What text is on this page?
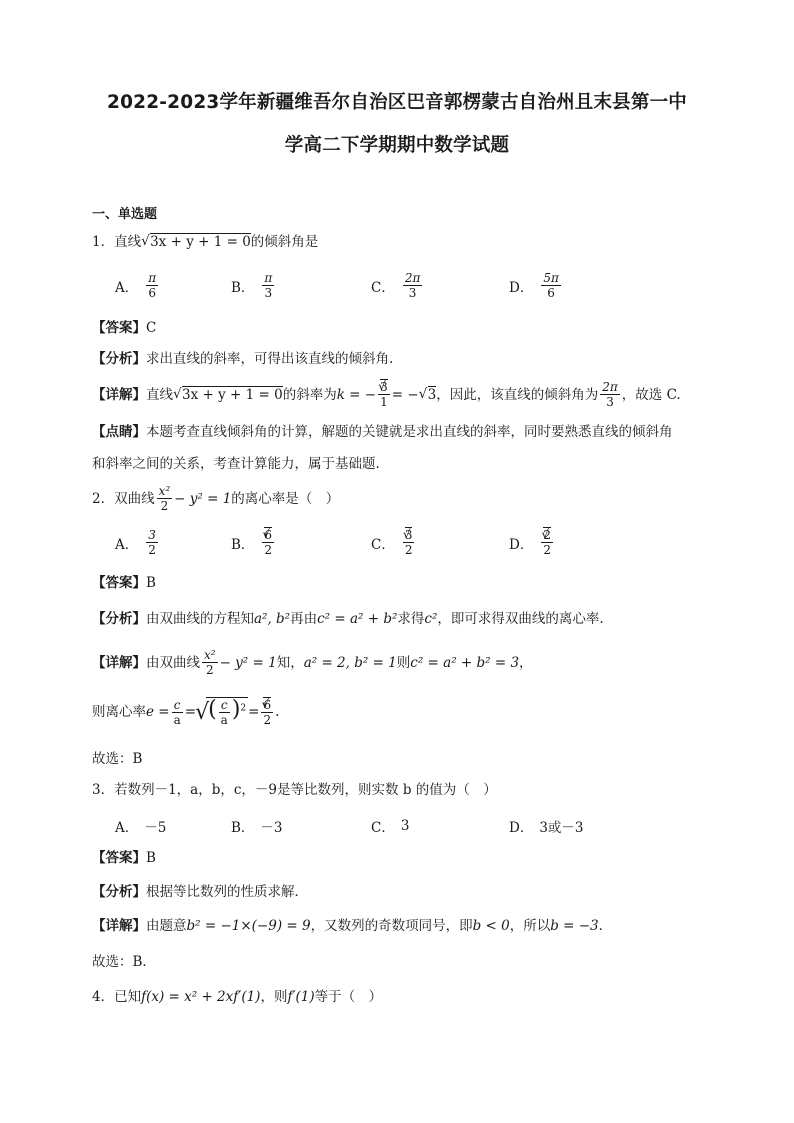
2022-2023学年新疆维吾尔自治区巴音郭楞蒙古自治州且末县第一中
学高二下学期期中数学试题
一、单选题
1．直线 √ 3x + y + 1 = 0的倾斜角是
A． $\frac{\pi}{6}$	B． $\frac{\pi}{3}$	C． $\frac{2\pi}{3}$	D． $\frac{5\pi}{6}$
【 答案 】 C
【 分析 】 求出直线的斜率，可得出该直线的倾斜角.
【 详解 】	直线 √ 3x + y + 1 = 0 的斜率为 k = − √ $\frac{3}{1}$ = − √ 3 ，因此，该直线的倾斜角为 $\frac{2\pi}{3}$ ，故选 C.
【 点睛 】 本题考查直线倾斜角的计算，解题的关键就是求出直线的斜率，同时要熟悉直线的倾斜角
和斜率之间的关系，考查计算能力，属于基础题.
2． 双曲线 $\frac{\text{x²}}{2} - y^2 = 1$ 的离心率是（　）
A． $\frac{3}{2}$	B． √ $\frac{6}{2}$	C． √ $\frac{3}{2}$	D． √ $\frac{2}{2}$
【 答案 】 B
【 分析 】 由双曲线的方程知a², b²再由c² = a² + b²求得c²，即可求得双曲线的离心率.
【 详解 】	由双曲线 $\frac{\text{x²}}{2} - y^2 = 1$ 知， a² = 2, b² = 1 则 c² = a² + b² = 3 ，
则离心率 $e = \frac{c}{a}$ = √ ( $\frac{c}{a} )^2$ = √ $\frac{6}{2}$ .
故选：B
3．若数列－1，a，b，c，－9是等比数列，则实数 b 的值为（　）
A． －5	B． －3	C． 3	D． 3或－3
【 答案 】 B
【 分析 】 根据等比数列的性质求解．
【 详解 】 由题意b² = −1×(−9) = 9，又数列的奇数项同号，即b < 0，所以b = −3．
故选：B．
4．已知f(x) = x² + 2xf′(1)，则f′(1)等于（　）
